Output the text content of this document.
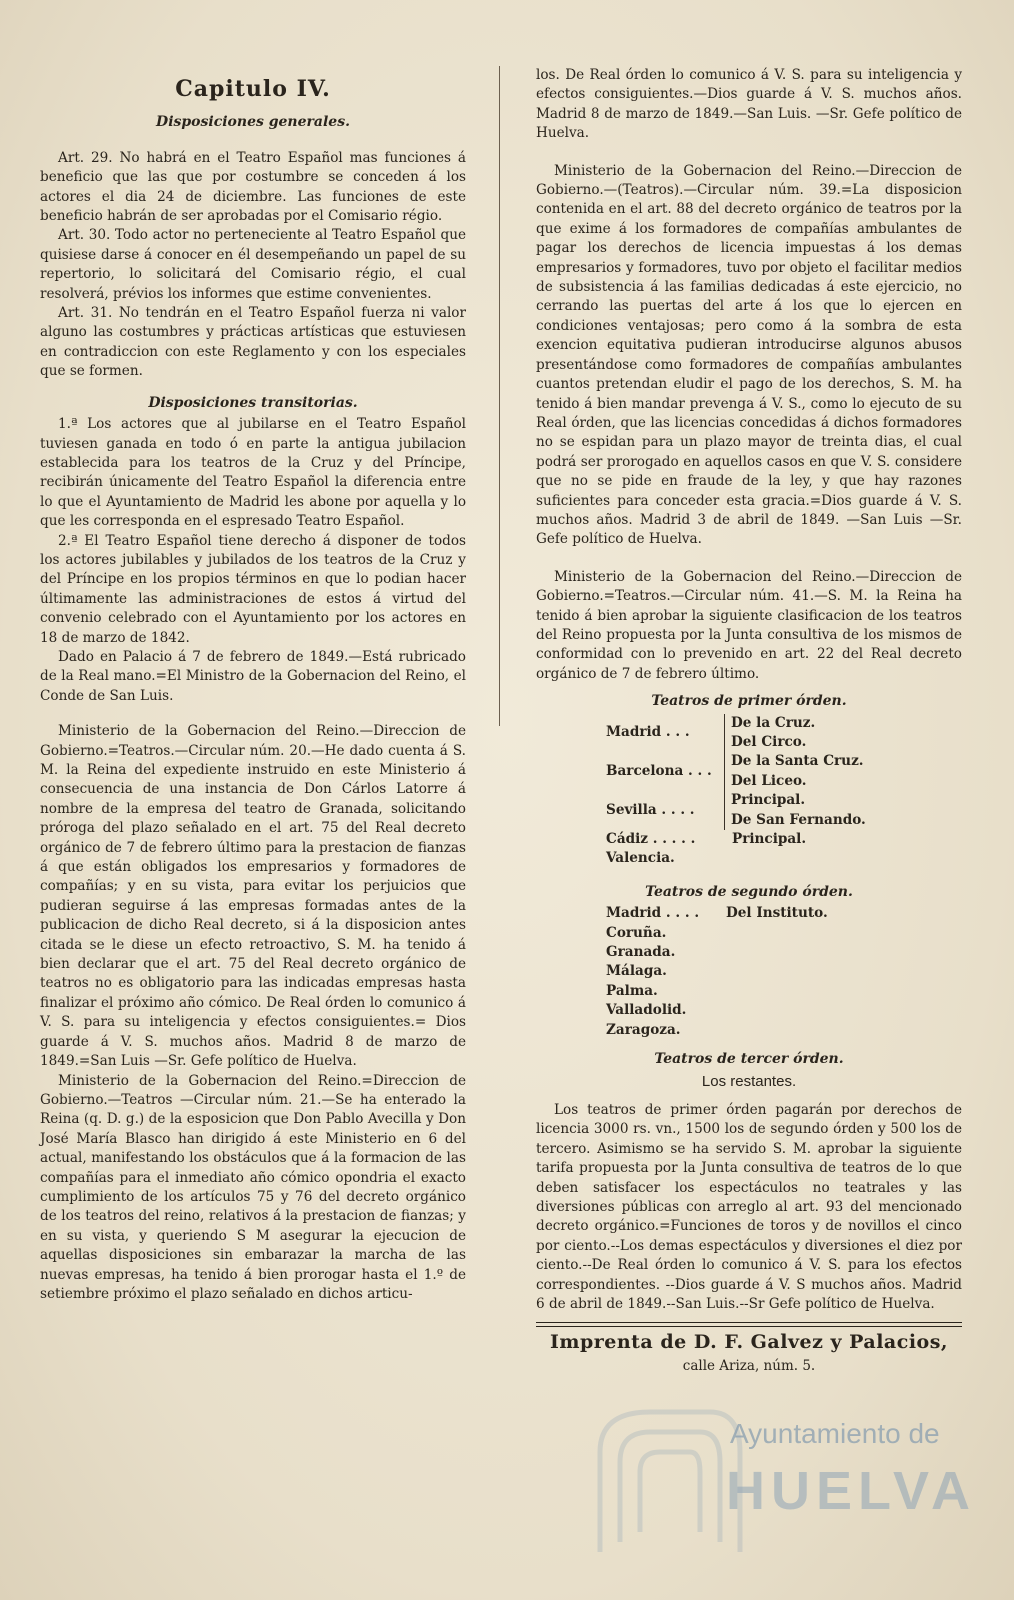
Capitulo IV.
Disposiciones generales.

Art. 29. No habrá en el Teatro Español mas funciones á beneficio que las que por costumbre se conceden á los actores el dia 24 de diciembre. Las funciones de este beneficio habrán de ser aprobadas por el Comisario régio.

Art. 30. Todo actor no perteneciente al Teatro Español que quisiese darse á conocer en él desempeñando un papel de su repertorio, lo solicitará del Comisario régio, el cual resolverá, prévios los informes que estime convenientes.

Art. 31. No tendrán en el Teatro Español fuerza ni valor alguno las costumbres y prácticas artísticas que estuviesen en contradiccion con este Reglamento y con los especiales que se formen.

Disposiciones transitorias.

1.ª Los actores que al jubilarse en el Teatro Español tuviesen ganada en todo ó en parte la antigua jubilacion establecida para los teatros de la Cruz y del Príncipe, recibirán únicamente del Teatro Español la diferencia entre lo que el Ayuntamiento de Madrid les abone por aquella y lo que les corresponda en el espresado Teatro Español.

2.ª El Teatro Español tiene derecho á disponer de todos los actores jubilables y jubilados de los teatros de la Cruz y del Príncipe en los propios términos en que lo podian hacer últimamente las administraciones de estos á virtud del convenio celebrado con el Ayuntamiento por los actores en 18 de marzo de 1842.

Dado en Palacio á 7 de febrero de 1849.—Está rubricado de la Real mano.=El Ministro de la Gobernacion del Reino, el Conde de San Luis.

Ministerio de la Gobernacion del Reino.—Direccion de Gobierno.=Teatros.—Circular núm. 20.—He dado cuenta á S. M. la Reina del expediente instruido en este Ministerio á consecuencia de una instancia de Don Cárlos Latorre á nombre de la empresa del teatro de Granada, solicitando próroga del plazo señalado en el art. 75 del Real decreto orgánico de 7 de febrero último para la prestacion de fianzas á que están obligados los empresarios y formadores de compañías; y en su vista, para evitar los perjuicios que pudieran seguirse á las empresas formadas antes de la publicacion de dicho Real decreto, si á la disposicion antes citada se le diese un efecto retroactivo, S. M. ha tenido á bien declarar que el art. 75 del Real decreto orgánico de teatros no es obligatorio para las indicadas empresas hasta finalizar el próximo año cómico. De Real órden lo comunico á V. S. para su inteligencia y efectos consiguientes.= Dios guarde á V. S. muchos años. Madrid 8 de marzo de 1849.=San Luis —Sr. Gefe político de Huelva.

Ministerio de la Gobernacion del Reino.=Direccion de Gobierno.—Teatros —Circular núm. 21.—Se ha enterado la Reina (q. D. g.) de la esposicion que Don Pablo Avecilla y Don José María Blasco han dirigido á este Ministerio en 6 del actual, manifestando los obstáculos que á la formacion de las compañías para el inmediato año cómico opondria el exacto cumplimiento de los artículos 75 y 76 del decreto orgánico de los teatros del reino, relativos á la prestacion de fianzas; y en su vista, y queriendo S M asegurar la ejecucion de aquellas disposiciones sin embarazar la marcha de las nuevas empresas, ha tenido á bien prorogar hasta el 1.º de setiembre próximo el plazo señalado en dichos articu-

los. De Real órden lo comunico á V. S. para su inteligencia y efectos consiguientes.—Dios guarde á V. S. muchos años. Madrid 8 de marzo de 1849.—San Luis. —Sr. Gefe político de Huelva.

Ministerio de la Gobernacion del Reino.—Direccion de Gobierno.—(Teatros).—Circular núm. 39.=La disposicion contenida en el art. 88 del decreto orgánico de teatros por la que exime á los formadores de compañías ambulantes de pagar los derechos de licencia impuestas á los demas empresarios y formadores, tuvo por objeto el facilitar medios de subsistencia á las familias dedicadas á este ejercicio, no cerrando las puertas del arte á los que lo ejercen en condiciones ventajosas; pero como á la sombra de esta exencion equitativa pudieran introducirse algunos abusos presentándose como formadores de compañías ambulantes cuantos pretendan eludir el pago de los derechos, S. M. ha tenido á bien mandar prevenga á V. S., como lo ejecuto de su Real órden, que las licencias concedidas á dichos formadores no se espidan para un plazo mayor de treinta dias, el cual podrá ser prorogado en aquellos casos en que V. S. considere que no se pide en fraude de la ley, y que hay razones suficientes para conceder esta gracia.=Dios guarde á V. S. muchos años. Madrid 3 de abril de 1849. —San Luis —Sr. Gefe político de Huelva.

Ministerio de la Gobernacion del Reino.—Direccion de Gobierno.=Teatros.—Circular núm. 41.—S. M. la Reina ha tenido á bien aprobar la siguiente clasificacion de los teatros del Reino propuesta por la Junta consultiva de los mismos de conformidad con lo prevenido en art. 22 del Real decreto orgánico de 7 de febrero último.

Teatros de primer órden.
Madrid . . .
De la Cruz.
Del Circo.
Barcelona . . .
De la Santa Cruz.
Del Liceo.
Sevilla . . . .
Principal.
De San Fernando.
Cádiz . . . . .	Principal.
Valencia.
Teatros de segundo órden.
Madrid . . . .	Del Instituto.
Coruña.
Granada.
Málaga.
Palma.
Valladolid.
Zaragoza.
Teatros de tercer órden.
Los restantes.

Los teatros de primer órden pagarán por derechos de licencia 3000 rs. vn., 1500 los de segundo órden y 500 los de tercero. Asimismo se ha servido S. M. aprobar la siguiente tarifa propuesta por la Junta consultiva de teatros de lo que deben satisfacer los espectáculos no teatrales y las diversiones públicas con arreglo al art. 93 del mencionado decreto orgánico.=Funciones de toros y de novillos el cinco por ciento.--Los demas espectáculos y diversiones el diez por ciento.--De Real órden lo comunico á V. S. para los efectos correspondientes. --Dios guarde á V. S muchos años. Madrid 6 de abril de 1849.--San Luis.--Sr Gefe político de Huelva.

Imprenta de D. F. Galvez y Palacios,
calle Ariza, núm. 5.
Ayuntamiento de
HUELVA
